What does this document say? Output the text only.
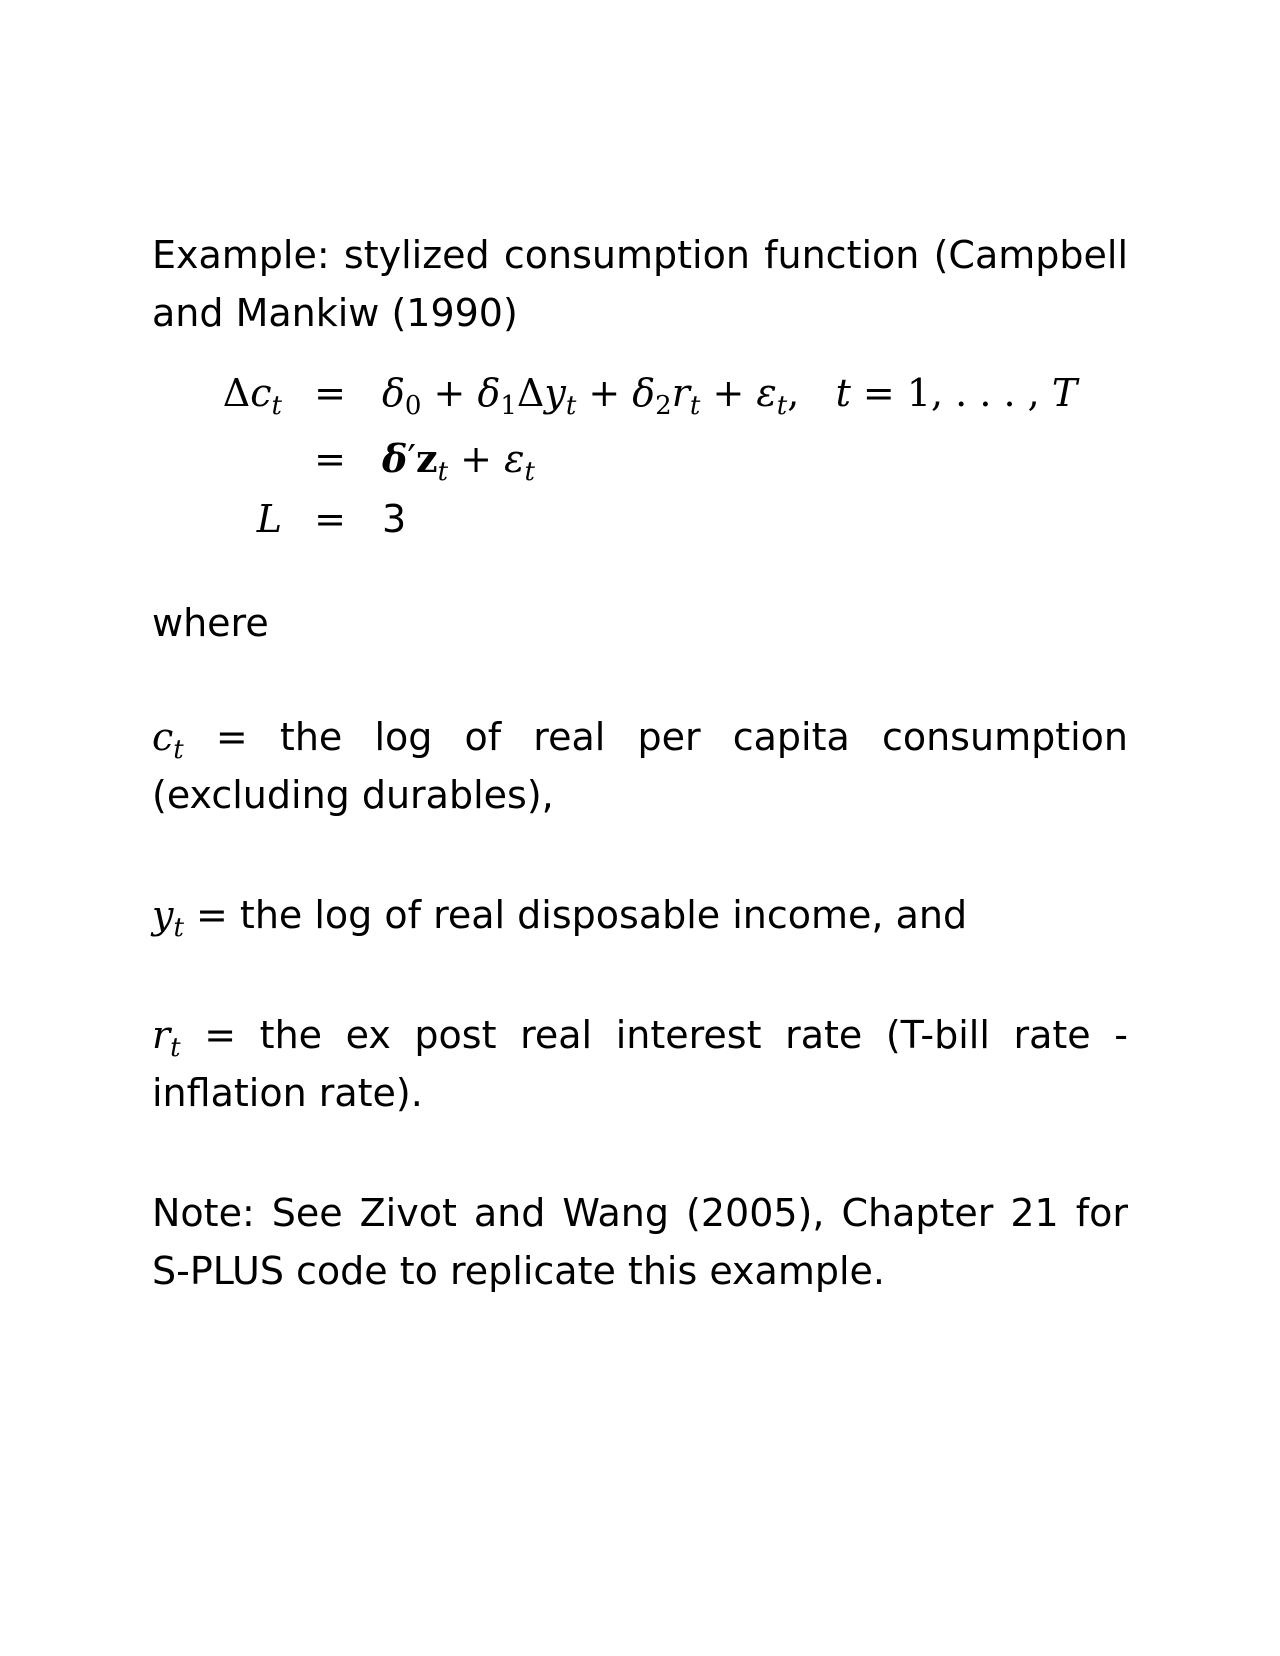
Example: stylized consumption function (Campbell and Mankiw (1990)

$\Delta c_t = \delta_0 + \delta_1\Delta y_t + \delta_2r_t + \varepsilon_t$,   t = 1, . . . , T
= $\delta'z_t + \varepsilon_t$
L = 3

where

$c_t$ = the log of real per capita consumption (excluding durables),

$y_t$ = the log of real disposable income, and

$r_t$ = the ex post real interest rate (T-bill rate - inflation rate).

Note: See Zivot and Wang (2005), Chapter 21 for S-PLUS code to replicate this example.
